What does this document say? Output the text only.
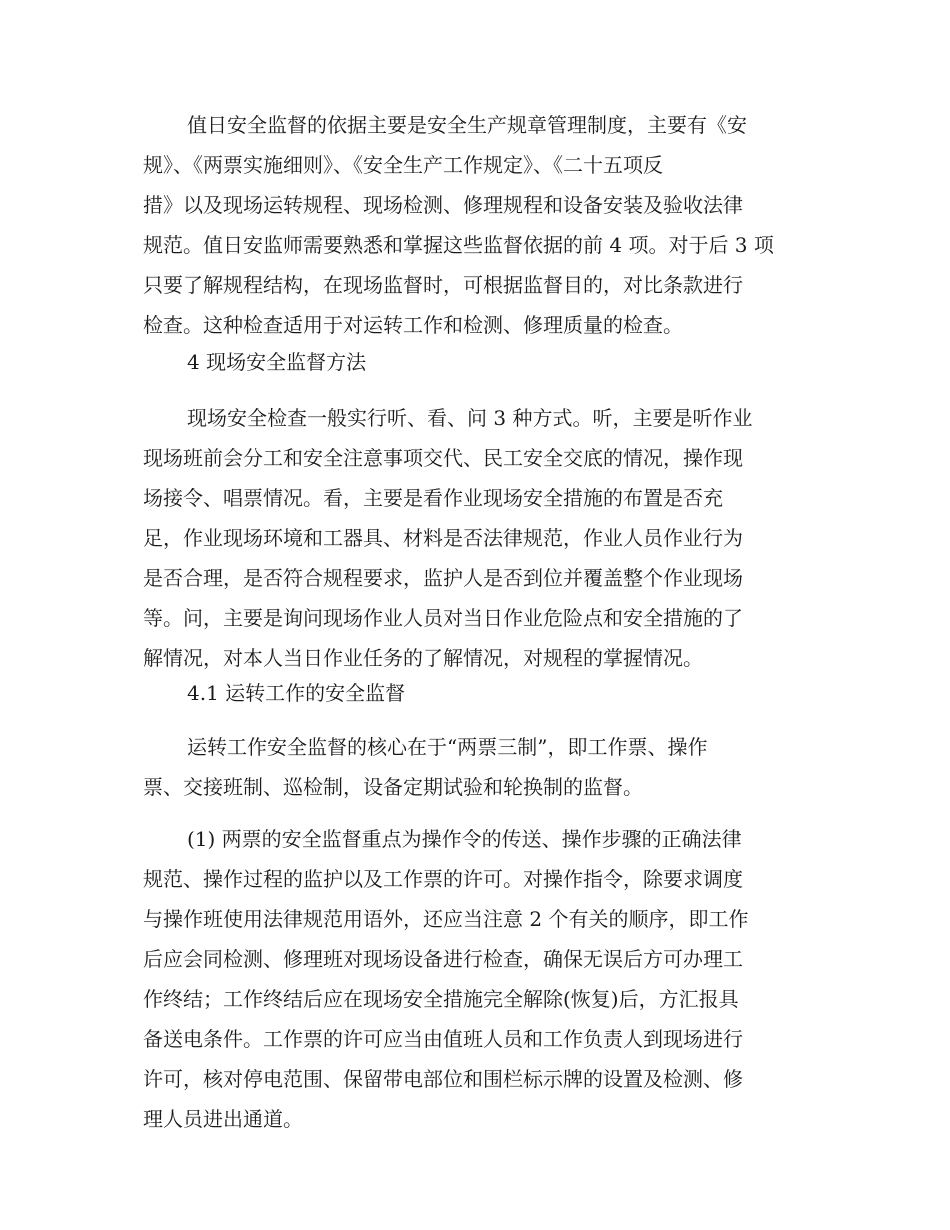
值日安全监督的依据主要是安全生产规章管理制度，主要有《安
规》、《两票实施细则》、《安全生产工作规定》、《二十五项反
措》以及现场运转规程、现场检测、修理规程和设备安装及验收法律
规范。值日安监师需要熟悉和掌握这些监督依据的前 4 项。对于后 3 项
只要了解规程结构，在现场监督时，可根据监督目的，对比条款进行
检查。这种检查适用于对运转工作和检测、修理质量的检查。
4 现场安全监督方法
现场安全检查一般实行听、看、问 3 种方式。听，主要是听作业
现场班前会分工和安全注意事项交代、民工安全交底的情况，操作现
场接令、唱票情况。看，主要是看作业现场安全措施的布置是否充
足，作业现场环境和工器具、材料是否法律规范，作业人员作业行为
是否合理，是否符合规程要求，监护人是否到位并覆盖整个作业现场
等。问，主要是询问现场作业人员对当日作业危险点和安全措施的了
解情况，对本人当日作业任务的了解情况，对规程的掌握情况。
4.1 运转工作的安全监督
运转工作安全监督的核心在于“两票三制”，即工作票、操作
票、交接班制、巡检制，设备定期试验和轮换制的监督。
(1) 两票的安全监督重点为操作令的传送、操作步骤的正确法律
规范、操作过程的监护以及工作票的许可。对操作指令，除要求调度
与操作班使用法律规范用语外，还应当注意 2 个有关的顺序，即工作
后应会同检测、修理班对现场设备进行检查，确保无误后方可办理工
作终结；工作终结后应在现场安全措施完全解除(恢复)后，方汇报具
备送电条件。工作票的许可应当由值班人员和工作负责人到现场进行
许可，核对停电范围、保留带电部位和围栏标示牌的设置及检测、修
理人员进出通道。
